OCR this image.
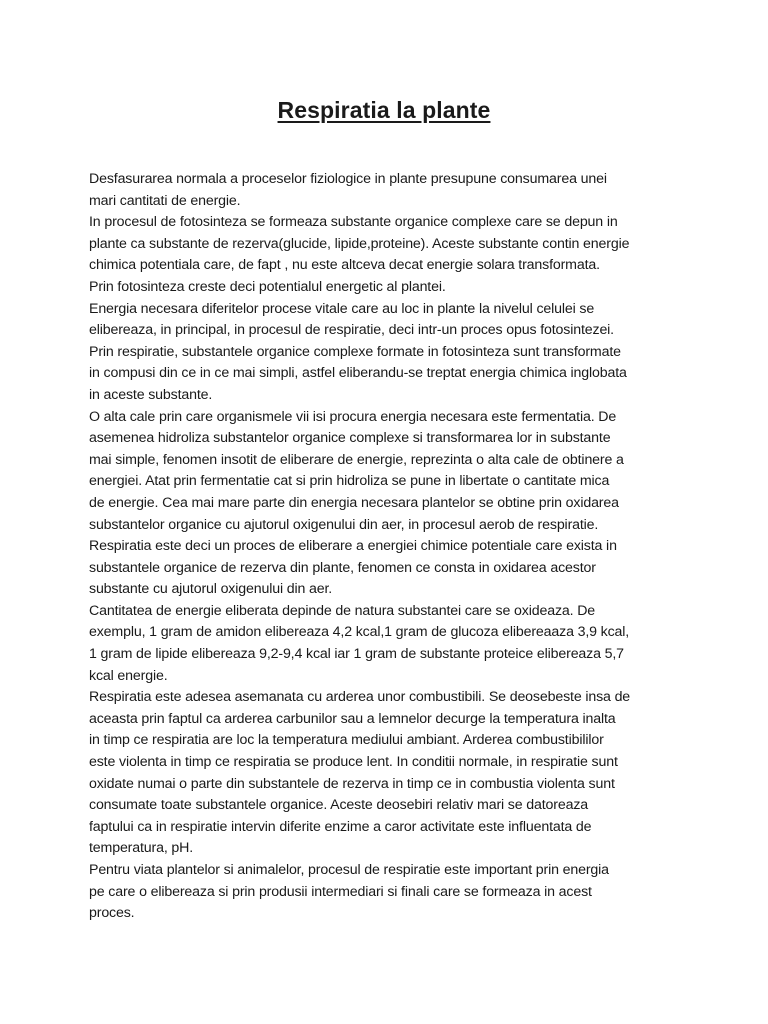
Respiratia la plante
Desfasurarea normala a proceselor fiziologice in plante presupune consumarea unei
mari cantitati de energie.
In procesul de fotosinteza se formeaza substante organice complexe care se depun in
plante ca substante de rezerva(glucide, lipide,proteine). Aceste substante contin energie
chimica potentiala care, de fapt , nu este altceva decat energie solara transformata.
Prin fotosinteza creste deci potentialul energetic al plantei.
Energia necesara diferitelor procese vitale care au loc in plante la nivelul celulei se
elibereaza, in principal, in procesul de respiratie, deci intr-un proces opus fotosintezei.
Prin respiratie, substantele organice complexe formate in fotosinteza sunt transformate
in compusi din ce in ce mai simpli, astfel eliberandu-se treptat energia chimica inglobata
in aceste substante.
O alta cale prin care organismele vii isi procura energia necesara este fermentatia. De
asemenea hidroliza substantelor organice complexe si transformarea lor in substante
mai simple, fenomen insotit de eliberare de energie, reprezinta o alta cale de obtinere a
energiei. Atat prin fermentatie cat si prin hidroliza se pune in libertate o cantitate mica
de energie. Cea mai mare parte din energia necesara plantelor se obtine prin oxidarea
substantelor organice cu ajutorul oxigenului din aer, in procesul aerob de respiratie.
Respiratia este deci un proces de eliberare a energiei chimice potentiale care exista in
substantele organice de rezerva din plante, fenomen ce consta in oxidarea acestor
substante cu ajutorul oxigenului din aer.
Cantitatea de energie eliberata depinde de natura substantei care se oxideaza. De
exemplu, 1 gram de amidon elibereaza 4,2 kcal,1 gram de glucoza elibereaaza 3,9 kcal,
1 gram de lipide elibereaza 9,2-9,4 kcal iar 1 gram de substante proteice elibereaza 5,7
kcal energie.
Respiratia este adesea asemanata cu arderea unor combustibili. Se deosebeste insa de
aceasta prin faptul ca arderea carbunilor sau a lemnelor decurge la temperatura inalta
in timp ce respiratia are loc la temperatura mediului ambiant. Arderea combustibililor
este violenta in timp ce respiratia se produce lent. In conditii normale, in respiratie sunt
oxidate numai o parte din substantele de rezerva in timp ce in combustia violenta sunt
consumate toate substantele organice. Aceste deosebiri relativ mari se datoreaza
faptului ca in respiratie intervin diferite enzime a caror activitate este influentata de
temperatura, pH.
Pentru viata plantelor si animalelor, procesul de respiratie este important prin energia
pe care o elibereaza si prin produsii intermediari si finali care se formeaza in acest
proces.
